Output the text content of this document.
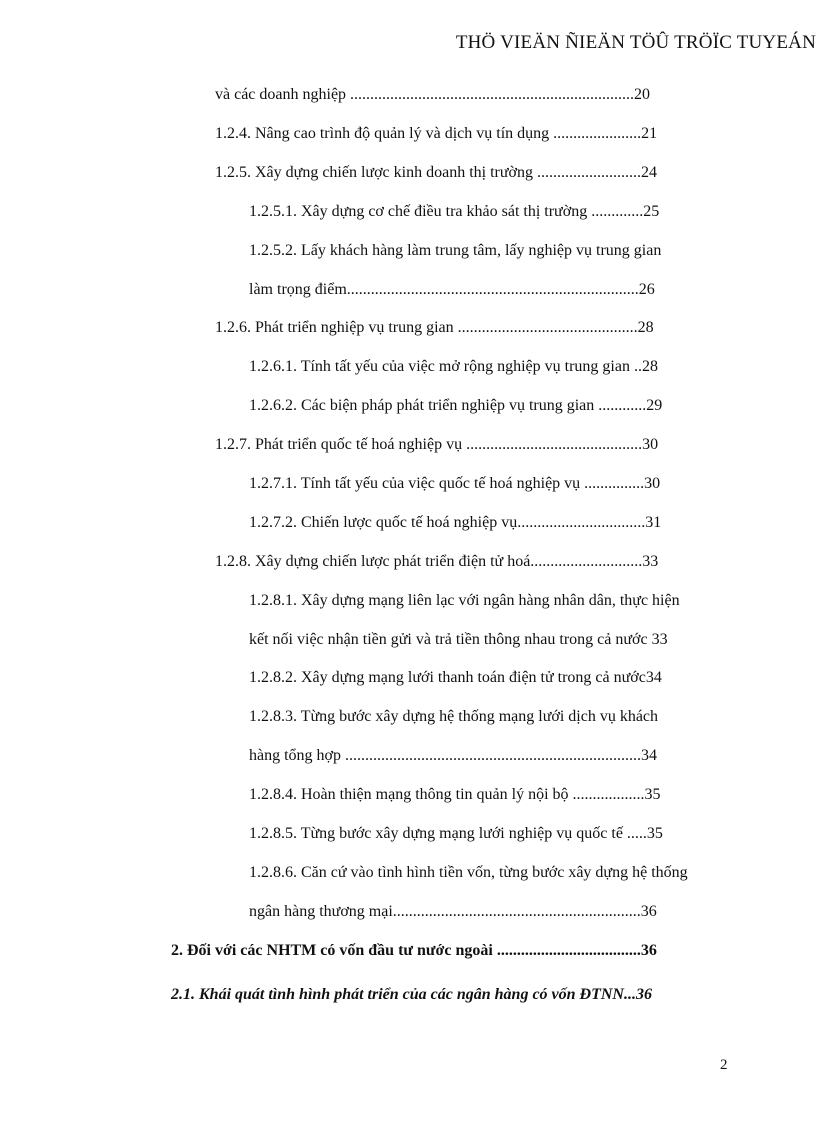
THÖ VIEÄN ÑIEÄN TÖÛ TRÖÏC TUYEÁN
và các doanh nghiệp .......................................................................20
1.2.4. Nâng cao trình độ quản lý và dịch vụ tín dụng ......................21
1.2.5. Xây dựng chiến lược kinh doanh thị trường ..........................24
1.2.5.1. Xây dựng cơ chế điều tra khảo sát thị trường .............25
1.2.5.2. Lấy khách hàng làm trung tâm, lấy nghiệp vụ trung gian
làm trọng điểm.........................................................................26
1.2.6. Phát triển nghiệp vụ trung gian .............................................28
1.2.6.1. Tính tất yếu của việc mở rộng nghiệp vụ trung gian ..28
1.2.6.2. Các biện pháp phát triển nghiệp vụ trung gian ............29
1.2.7. Phát triển quốc tế hoá nghiệp vụ ............................................30
1.2.7.1. Tính tất yếu của việc quốc tế hoá nghiệp vụ ...............30
1.2.7.2. Chiến lược quốc tế hoá nghiệp vụ................................31
1.2.8. Xây dựng chiến lược phát triển điện tử hoá............................33
1.2.8.1. Xây dựng mạng liên lạc với ngân hàng nhân dân, thực hiện
kết nối việc nhận tiền gửi và trả tiền thông nhau trong cả nước 33
1.2.8.2. Xây dựng mạng lưới thanh toán điện tử trong cả nước34
1.2.8.3. Từng bước xây dựng hệ thống mạng lưới dịch vụ khách
hàng tổng hợp ..........................................................................34
1.2.8.4. Hoàn thiện mạng thông tin quản lý nội bộ ..................35
1.2.8.5. Từng bước xây dựng mạng lưới nghiệp vụ quốc tế .....35
1.2.8.6. Căn cứ vào tình hình tiền vốn, từng bước xây dựng hệ thống
ngân hàng thương mại..............................................................36
2. Đối với các NHTM có vốn đầu tư nước ngoài ....................................36
2.1. Khái quát tình hình phát triển của các ngân hàng có vốn ĐTNN...36
2
